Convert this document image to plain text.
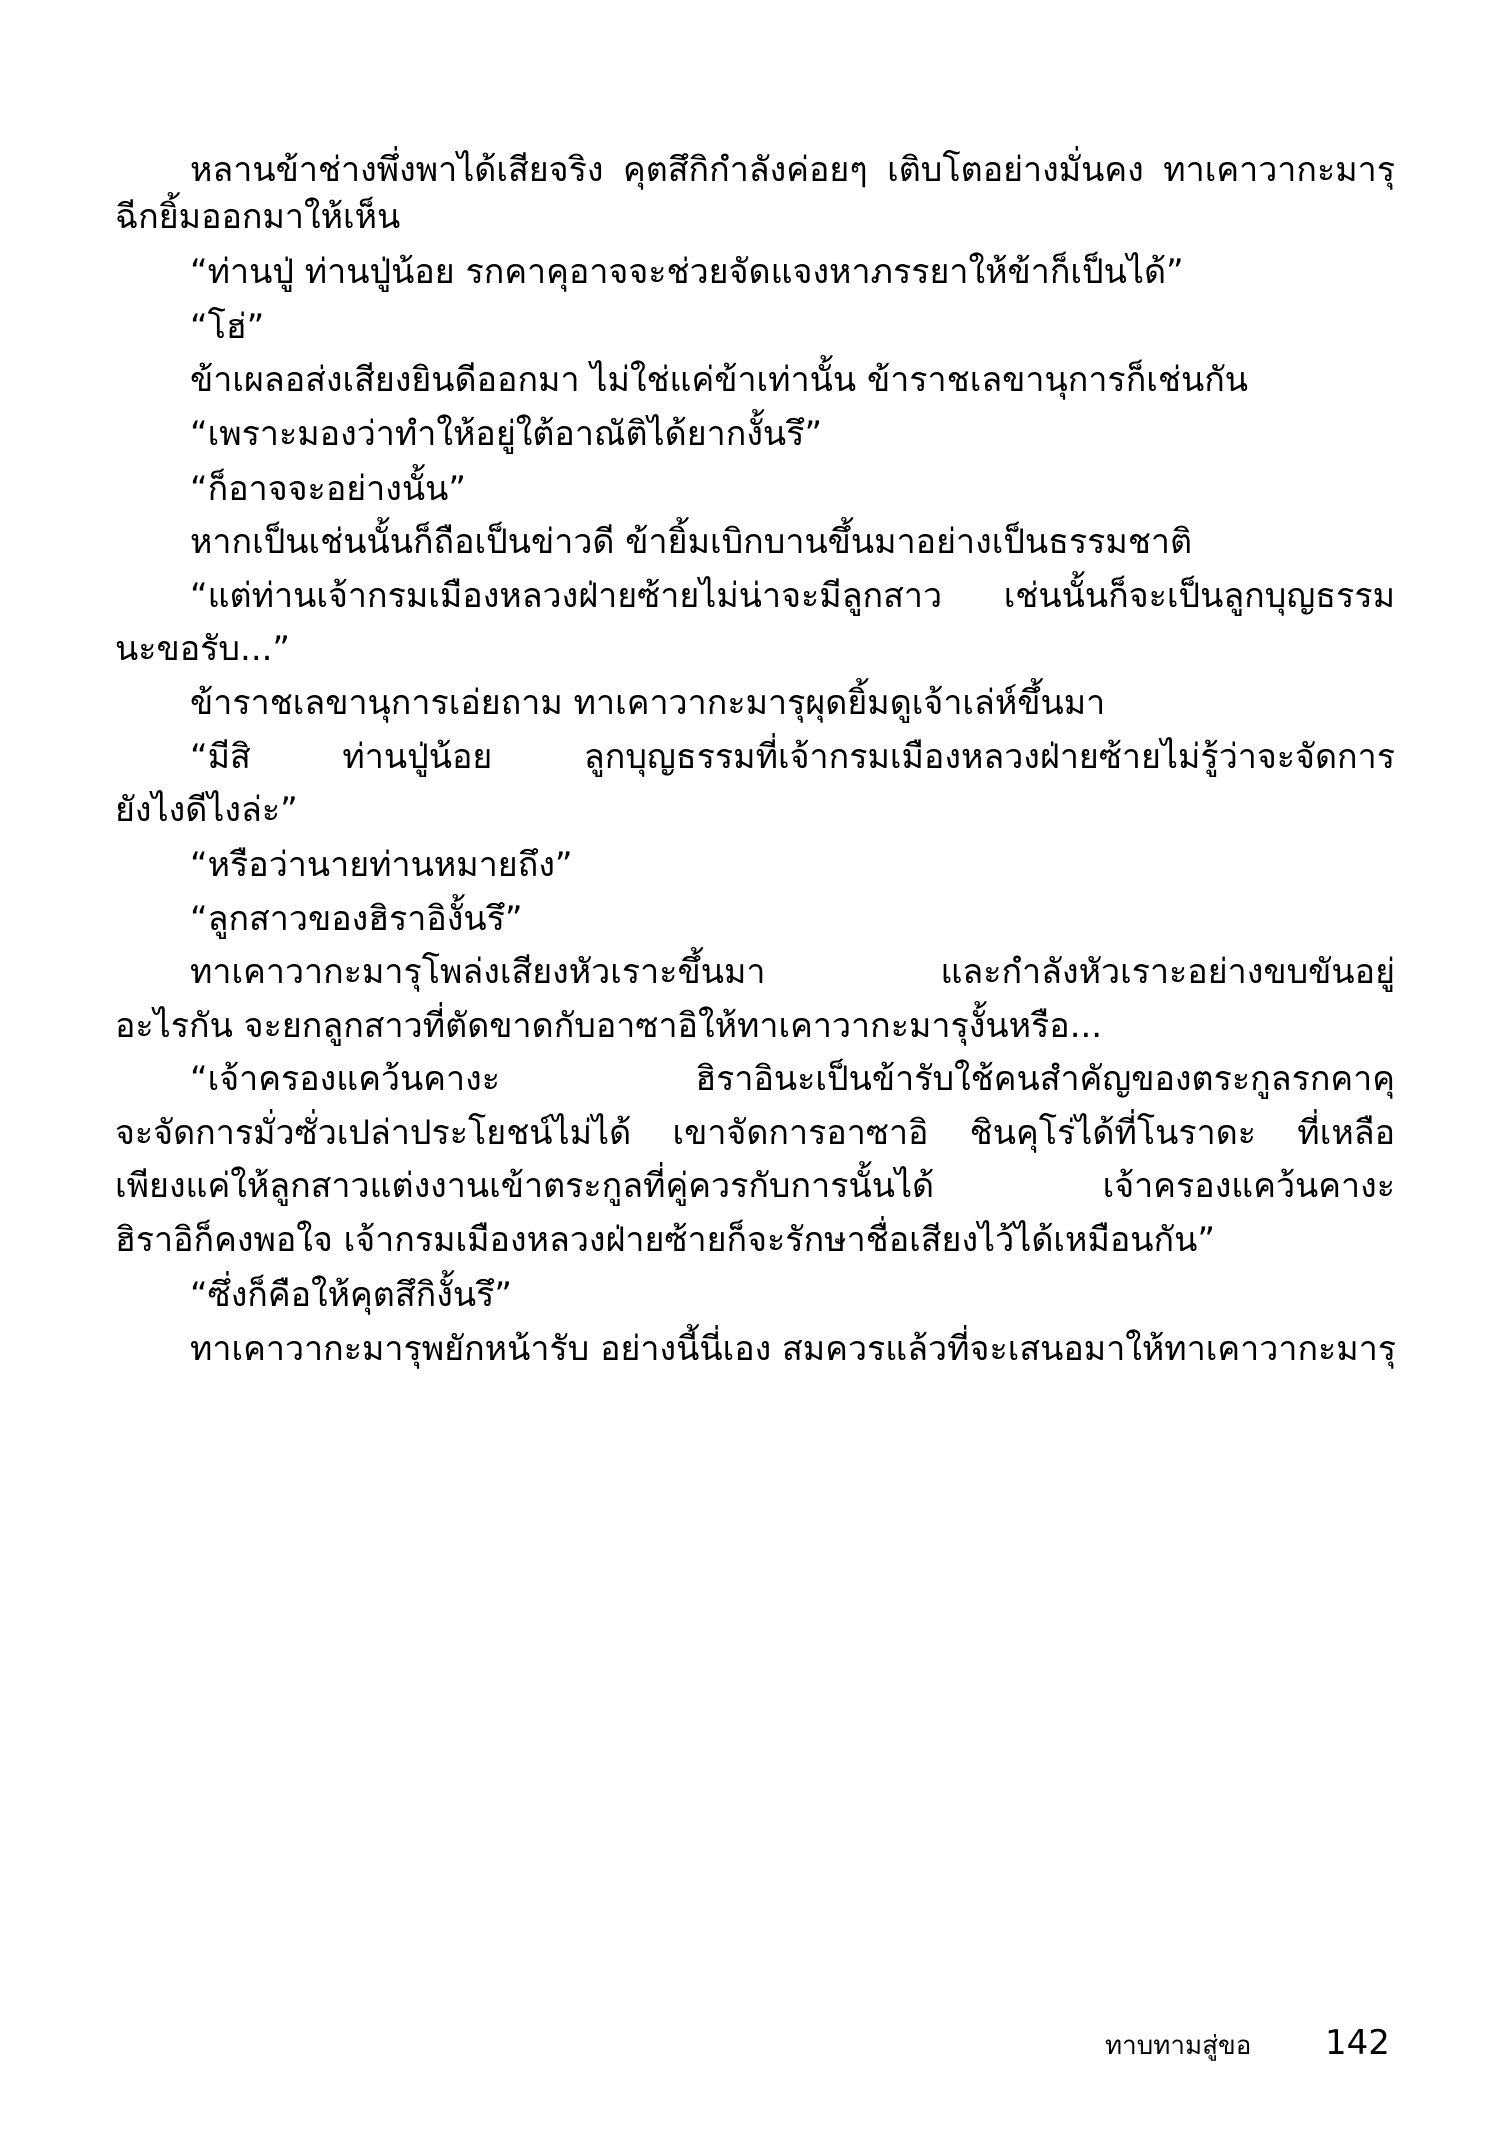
หลานข้าช่างพึ่งพาได้เสียจริง คุตสึกิกำลังค่อยๆ เติบโตอย่างมั่นคง ทาเคาวากะมารุ
ฉีกยิ้มออกมาให้เห็น
“ท่านปู่ ท่านปู่น้อย รกคาคุอาจจะช่วยจัดแจงหาภรรยาให้ข้าก็เป็นได้”
“โฮ่”
ข้าเผลอส่งเสียงยินดีออกมา ไม่ใช่แค่ข้าเท่านั้น ข้าราชเลขานุการก็เช่นกัน
“เพราะมองว่าทำให้อยู่ใต้อาณัติได้ยากงั้นรึ”
“ก็อาจจะอย่างนั้น”
หากเป็นเช่นนั้นก็ถือเป็นข่าวดี ข้ายิ้มเบิกบานขึ้นมาอย่างเป็นธรรมชาติ
“แต่ท่านเจ้ากรมเมืองหลวงฝ่ายซ้ายไม่น่าจะมีลูกสาว เช่นนั้นก็จะเป็นลูกบุญธรรม
นะขอรับ...”
ข้าราชเลขานุการเอ่ยถาม ทาเคาวากะมารุผุดยิ้มดูเจ้าเล่ห์ขึ้นมา
“มีสิ ท่านปู่น้อย ลูกบุญธรรมที่เจ้ากรมเมืองหลวงฝ่ายซ้ายไม่รู้ว่าจะจัดการ
ยังไงดีไงล่ะ”
“หรือว่านายท่านหมายถึง”
“ลูกสาวของฮิราอิงั้นรึ”
ทาเคาวากะมารุโพล่งเสียงหัวเราะขึ้นมา และกำลังหัวเราะอย่างขบขันอยู่
อะไรกัน จะยกลูกสาวที่ตัดขาดกับอาซาอิให้ทาเคาวากะมารุงั้นหรือ...
“เจ้าครองแคว้นคางะ ฮิราอินะเป็นข้ารับใช้คนสำคัญของตระกูลรกคาคุ
จะจัดการมั่วซั่วเปล่าประโยชน์ไม่ได้ เขาจัดการอาซาอิ ชินคุโร่ได้ที่โนราดะ ที่เหลือ
เพียงแค่ให้ลูกสาวแต่งงานเข้าตระกูลที่คู่ควรกับการนั้นได้ เจ้าครองแคว้นคางะ
ฮิราอิก็คงพอใจ เจ้ากรมเมืองหลวงฝ่ายซ้ายก็จะรักษาชื่อเสียงไว้ได้เหมือนกัน”
“ซึ่งก็คือให้คุตสึกิงั้นรึ”
ทาเคาวากะมารุพยักหน้ารับ อย่างนี้นี่เอง สมควรแล้วที่จะเสนอมาให้ทาเคาวากะมารุ
ทาบทามสู่ขอ 142
